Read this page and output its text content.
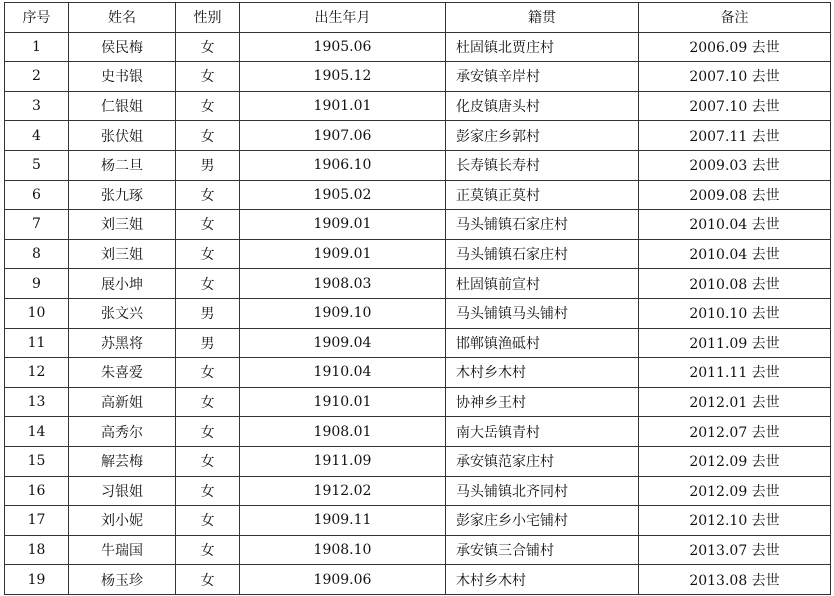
序号	姓名	性别	出生年月	籍贯	备注
1	侯民梅	女	1905.06	杜固镇北贾庄村	2006.09 去世
2	史书银	女	1905.12	承安镇辛岸村	2007.10 去世
3	仁银姐	女	1901.01	化皮镇唐头村	2007.10 去世
4	张伏姐	女	1907.06	彭家庄乡郭村	2007.11 去世
5	杨二旦	男	1906.10	长寿镇长寿村	2009.03 去世
6	张九琢	女	1905.02	正莫镇正莫村	2009.08 去世
7	刘三姐	女	1909.01	马头铺镇石家庄村	2010.04 去世
8	刘三姐	女	1909.01	马头铺镇石家庄村	2010.04 去世
9	展小坤	女	1908.03	杜固镇前宣村	2010.08 去世
10	张文兴	男	1909.10	马头铺镇马头铺村	2010.10 去世
11	苏黑将	男	1909.04	邯郸镇渔砥村	2011.09 去世
12	朱喜爱	女	1910.04	木村乡木村	2011.11 去世
13	高新姐	女	1910.01	协神乡王村	2012.01 去世
14	高秀尔	女	1908.01	南大岳镇青村	2012.07 去世
15	解芸梅	女	1911.09	承安镇范家庄村	2012.09 去世
16	习银姐	女	1912.02	马头铺镇北齐同村	2012.09 去世
17	刘小妮	女	1909.11	彭家庄乡小宅铺村	2012.10 去世
18	牛瑞国	女	1908.10	承安镇三合铺村	2013.07 去世
19	杨玉珍	女	1909.06	木村乡木村	2013.08 去世
